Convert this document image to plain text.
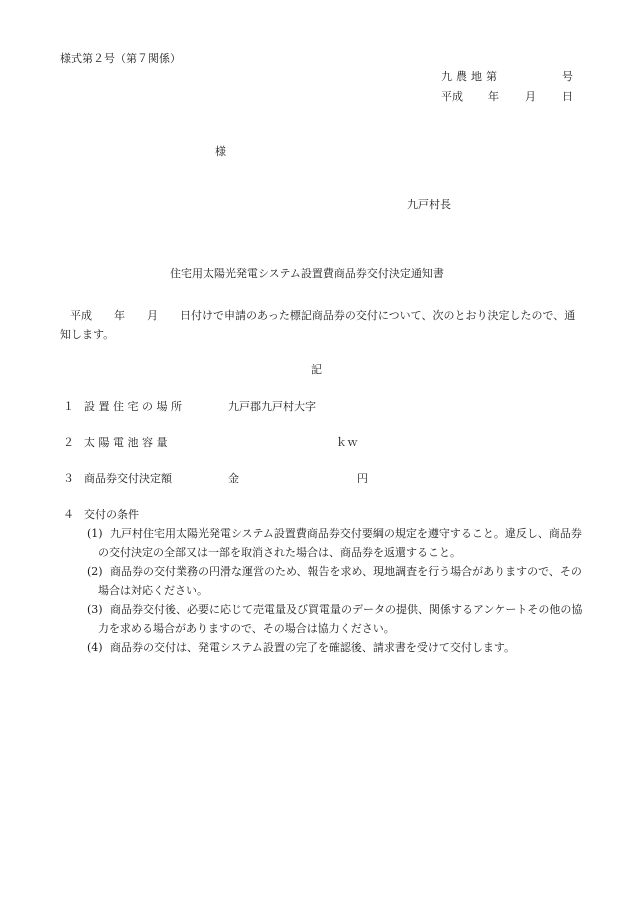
様式第２号（第７関係）
九 農 地 第	号
平成 年 月 日
様
九戸村長
住宅用太陽光発電システム設置費商品券交付決定通知書
平成　　年　　月　　日付けで申請のあった標記商品券の交付について、次のとおり決定したので、通知します。
記
１ 設 置 住 宅 の 場 所	九戸郡九戸村大字
２ 太 陽 電 池 容 量	ｋｗ
３ 商品券交付決定額	金	円
４ 交付の条件
(1) 九戸村住宅用太陽光発電システム設置費商品券交付要綱の規定を遵守すること。違反し、商品券の交付決定の全部又は一部を取消された場合は、商品券を返還すること。
(2) 商品券の交付業務の円滑な運営のため、報告を求め、現地調査を行う場合がありますので、その場合は対応ください。
(3) 商品券交付後、必要に応じて売電量及び買電量のデータの提供、関係するアンケートその他の協力を求める場合がありますので、その場合は協力ください。
(4) 商品券の交付は、発電システム設置の完了を確認後、請求書を受けて交付します。
